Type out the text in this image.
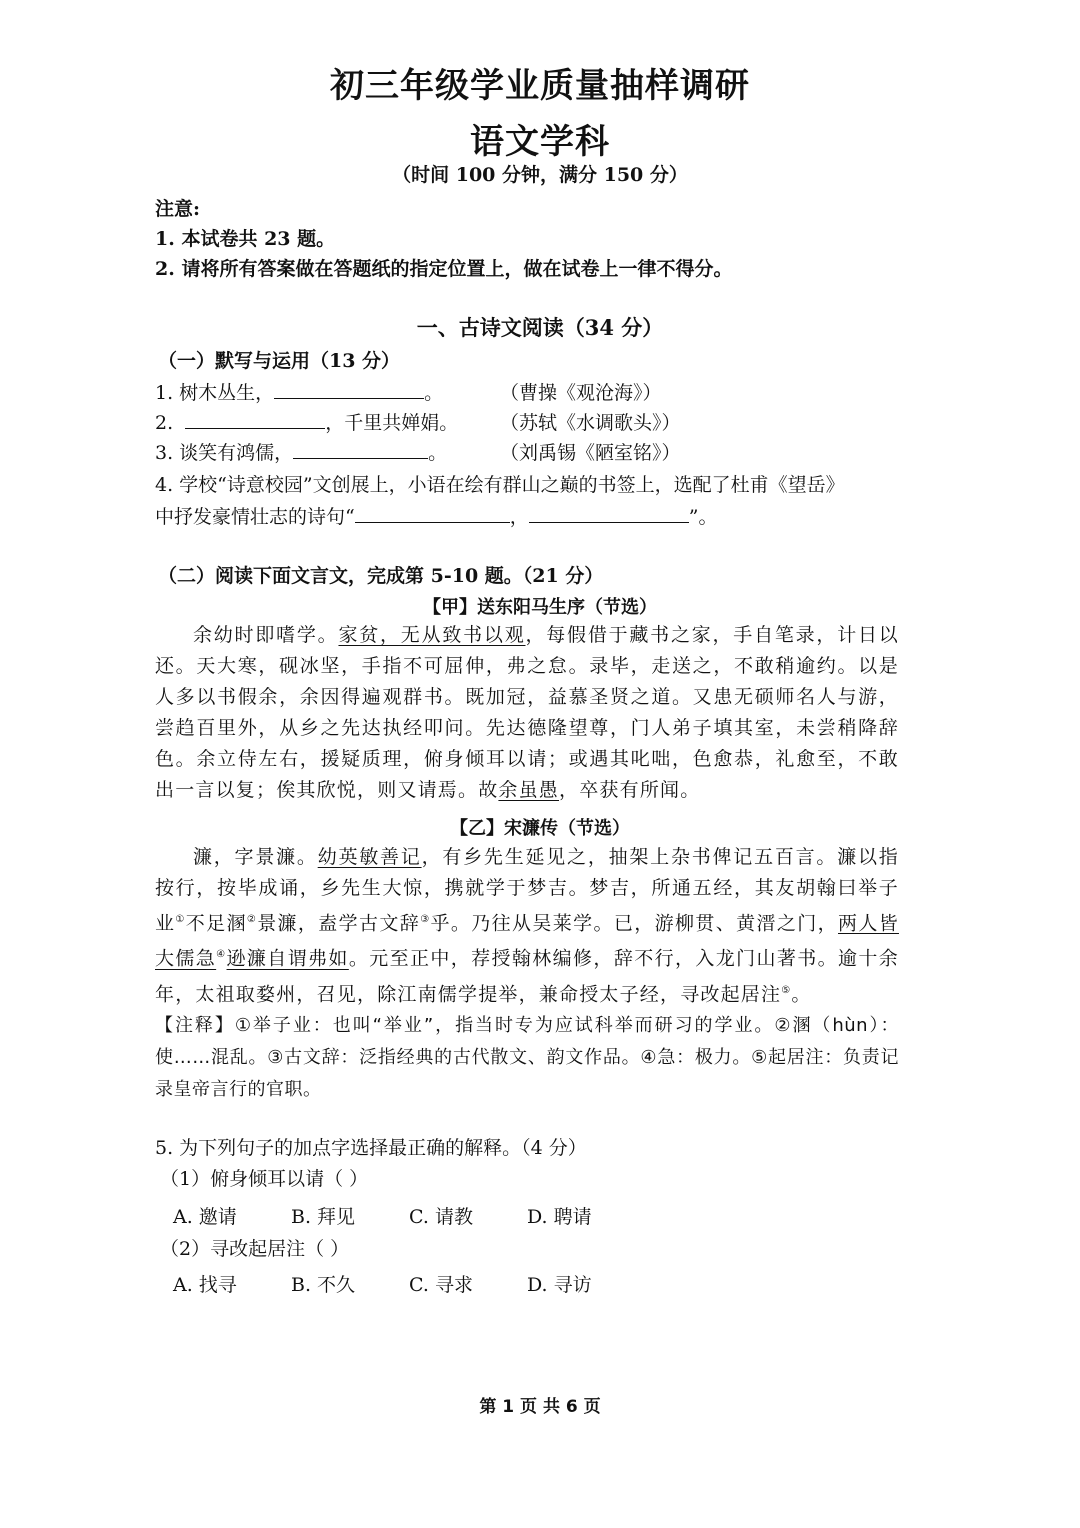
初三年级学业质量抽样调研
语文学科
（时间 100 分钟，满分 150 分）
注意:
1. 本试卷共 23 题。
2. 请将所有答案做在答题纸的指定位置上，做在试卷上一律不得分。
一、古诗文阅读（34 分）
（一）默写与运用（13 分）
1. 树木丛生，	。	（曹操《观沧海》）
2.	，千里共婵娟。 （苏轼《水调歌头》）
3. 谈笑有鸿儒，	。	（刘禹锡《陋室铭》）
4. 学校“诗意校园”文创展上，小语在绘有群山之巅的书签上，选配了杜甫《望岳》
中抒发豪情壮志的诗句“	，	”。
（二）阅读下面文言文，完成第 5-10 题。（21 分）
【甲】送东阳马生序（节选）
余幼时即嗜学。家贫，无从致书以观，每假借于藏书之家，手自笔录，计日以还。天大寒，砚冰坚，手指不可屈伸，弗之怠。录毕，走送之，不敢稍逾约。以是人多以书假余，余因得遍观群书。既加冠，益慕圣贤之道。又患无硕师名人与游，尝趋百里外，从乡之先达执经叩问。先达德隆望尊，门人弟子填其室，未尝稍降辞色。余立侍左右，援疑质理，俯身倾耳以请；或遇其叱咄，色愈恭，礼愈至，不敢出一言以复；俟其欣悦，则又请焉。故余虽愚，卒获有所闻。
【乙】宋濂传（节选）
濂，字景濂。幼英敏善记，有乡先生延见之，抽架上杂书俾记五百言。濂以指按行，按毕成诵，乡先生大惊，携就学于梦吉。梦吉，所通五经，其友胡翰曰举子业①不足溷②景濂，盍学古文辞③乎。乃往从吴莱学。已，游柳贯、黄溍之门，两人皆大儒急④逊濂自谓弗如。元至正中，荐授翰林编修，辞不行，入龙门山著书。逾十余年，太祖取婺州，召见，除江南儒学提举，兼命授太子经，寻改起居注⑤。
【注释】①举子业：也叫“举业”，指当时专为应试科举而研习的学业。②溷（hùn）：使……混乱。③古文辞：泛指经典的古代散文、韵文作品。④急：极力。⑤起居注：负责记录皇帝言行的官职。
5. 为下列句子的加点字选择最正确的解释。（4 分）
（1）俯身倾耳以请（ ）
A. 邀请	B. 拜见	C. 请教	D. 聘请
（2）寻改起居注（ ）
A. 找寻	B. 不久	C. 寻求	D. 寻访
第 1 页 共 6 页
